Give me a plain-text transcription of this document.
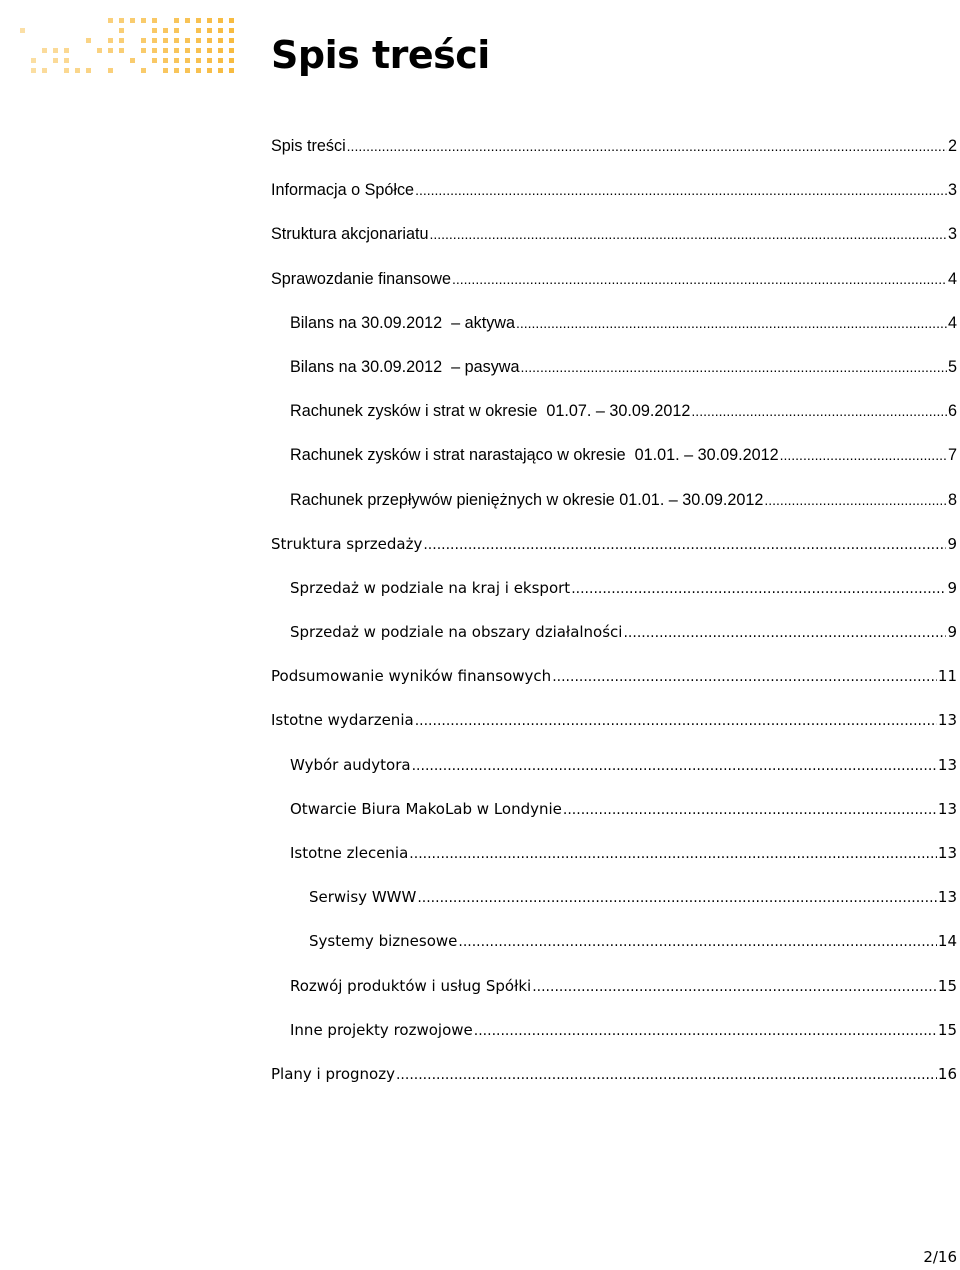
Spis treści
Spis treści .....	2
Informacja o Spółce .....	3
Struktura akcjonariatu .....	3
Sprawozdanie finansowe .....	4
Bilans na 30.09.2012  – aktywa .....	4
Bilans na 30.09.2012  – pasywa .....	5
Rachunek zysków i strat w okresie  01.07. – 30.09.2012 .....	6
Rachunek zysków i strat narastająco w okresie  01.01. – 30.09.2012 .....	7
Rachunek przepływów pieniężnych w okresie 01.01. – 30.09.2012 .....	8
Struktura sprzedaży .....	9
Sprzedaż w podziale na kraj i eksport .....	9
Sprzedaż w podziale na obszary działalności .....	9
Podsumowanie wyników finansowych .....	11
Istotne wydarzenia .....	13
Wybór audytora .....	13
Otwarcie Biura MakoLab w Londynie .....	13
Istotne zlecenia .....	13
Serwisy WWW .....	13
Systemy biznesowe .....	14
Rozwój produktów i usług Spółki .....	15
Inne projekty rozwojowe .....	15
Plany i prognozy .....	16
2/16
